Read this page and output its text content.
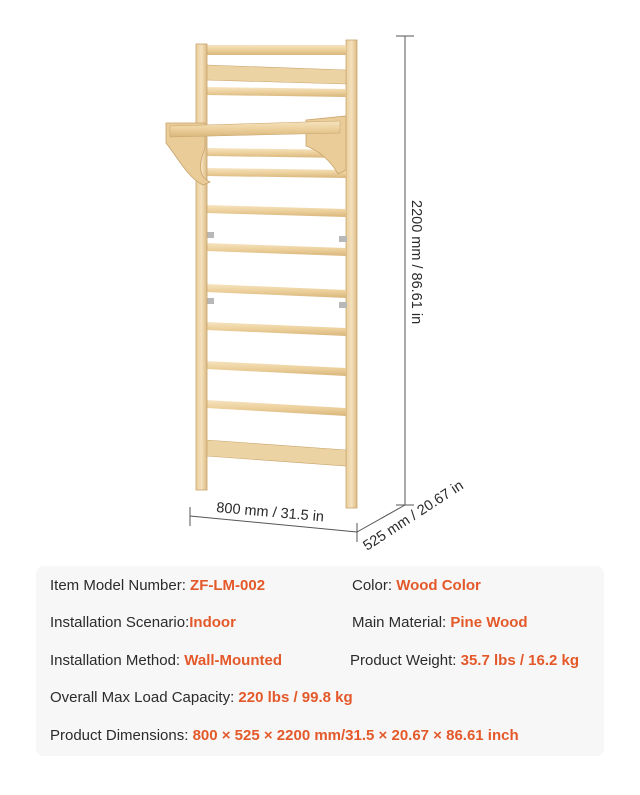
2200 mm / 86.61 in
800 mm / 31.5 in 525 mm / 20.67 in
Item Model Number: ZF-LM-002	Color: Wood Color
Installation Scenario:Indoor	Main Material: Pine Wood
Installation Method: Wall-Mounted	Product Weight: 35.7 lbs / 16.2 kg
Overall Max Load Capacity: 220 lbs / 99.8 kg
Product Dimensions: 800 × 525 × 2200 mm/31.5 × 20.67 × 86.61 inch
